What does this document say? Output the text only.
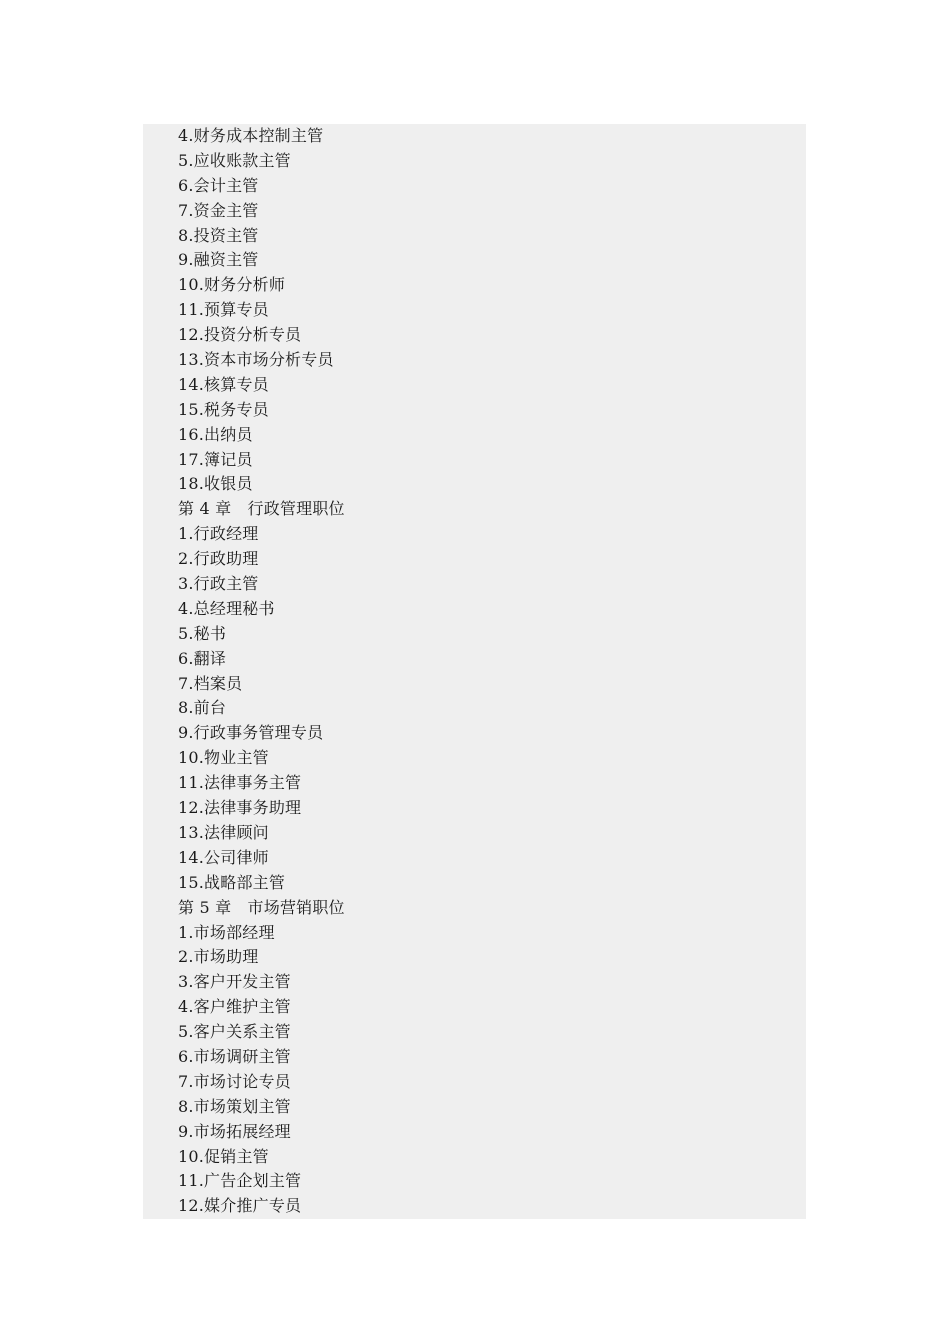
4.财务成本控制主管
5.应收账款主管
6.会计主管
7.资金主管
8.投资主管
9.融资主管
10.财务分析师
11.预算专员
12.投资分析专员
13.资本市场分析专员
14.核算专员
15.税务专员
16.出纳员
17.簿记员
18.收银员
第 4 章　行政管理职位
1.行政经理
2.行政助理
3.行政主管
4.总经理秘书
5.秘书
6.翻译
7.档案员
8.前台
9.行政事务管理专员
10.物业主管
11.法律事务主管
12.法律事务助理
13.法律顾问
14.公司律师
15.战略部主管
第 5 章　市场营销职位
1.市场部经理
2.市场助理
3.客户开发主管
4.客户维护主管
5.客户关系主管
6.市场调研主管
7.市场讨论专员
8.市场策划主管
9.市场拓展经理
10.促销主管
11.广告企划主管
12.媒介推广专员
